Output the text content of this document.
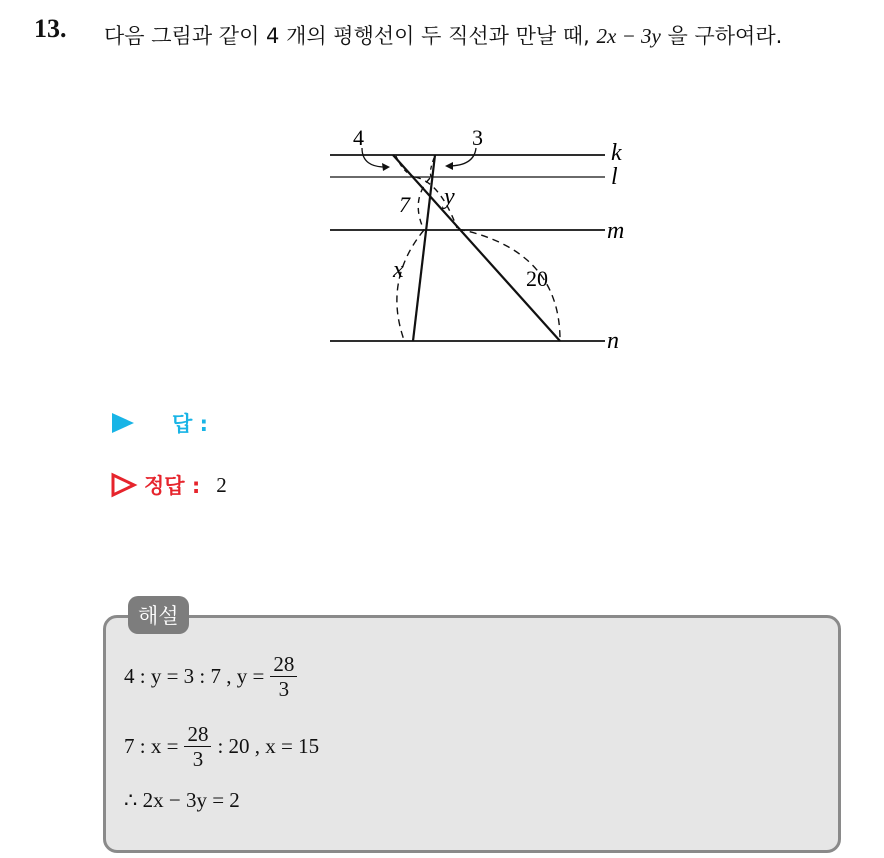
13. 다음 그림과 같이 4 개의 평행선이 두 직선과 만날 때, 2x − 3y 을 구하여라.
4	3
k
l
m
n
7 y
x	20
답 :
정답 : 2
해설
4 : y = 3 : 7 , $y = \frac{28}{3}$
7 : $x = \frac{28}{3}$ : 20 , x = 15
∴ 2x − 3y = 2
